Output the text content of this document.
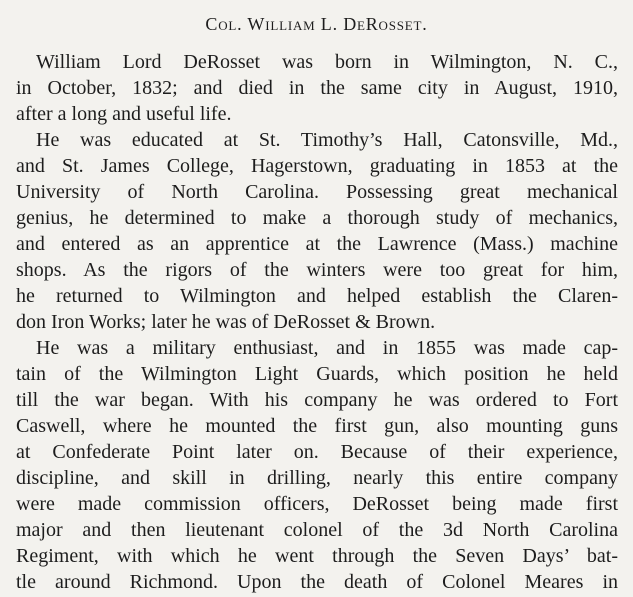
Col. William L. DeRosset.
William Lord DeRosset was born in Wilmington, N. C.,
in October, 1832; and died in the same city in August, 1910,
after a long and useful life.
He was educated at St. Timothy’s Hall, Catonsville, Md.,
and St. James College, Hagerstown, graduating in 1853 at the
University of North Carolina. Possessing great mechanical
genius, he determined to make a thorough study of mechanics,
and entered as an apprentice at the Lawrence (Mass.) machine
shops. As the rigors of the winters were too great for him,
he returned to Wilmington and helped establish the Claren-
don Iron Works; later he was of DeRosset & Brown.
He was a military enthusiast, and in 1855 was made cap-
tain of the Wilmington Light Guards, which position he held
till the war began. With his company he was ordered to Fort
Caswell, where he mounted the first gun, also mounting guns
at Confederate Point later on. Because of their experience,
discipline, and skill in drilling, nearly this entire company
were made commission officers, DeRosset being made first
major and then lieutenant colonel of the 3d North Carolina
Regiment, with which he went through the Seven Days’ bat-
tle around Richmond. Upon the death of Colonel Meares in
